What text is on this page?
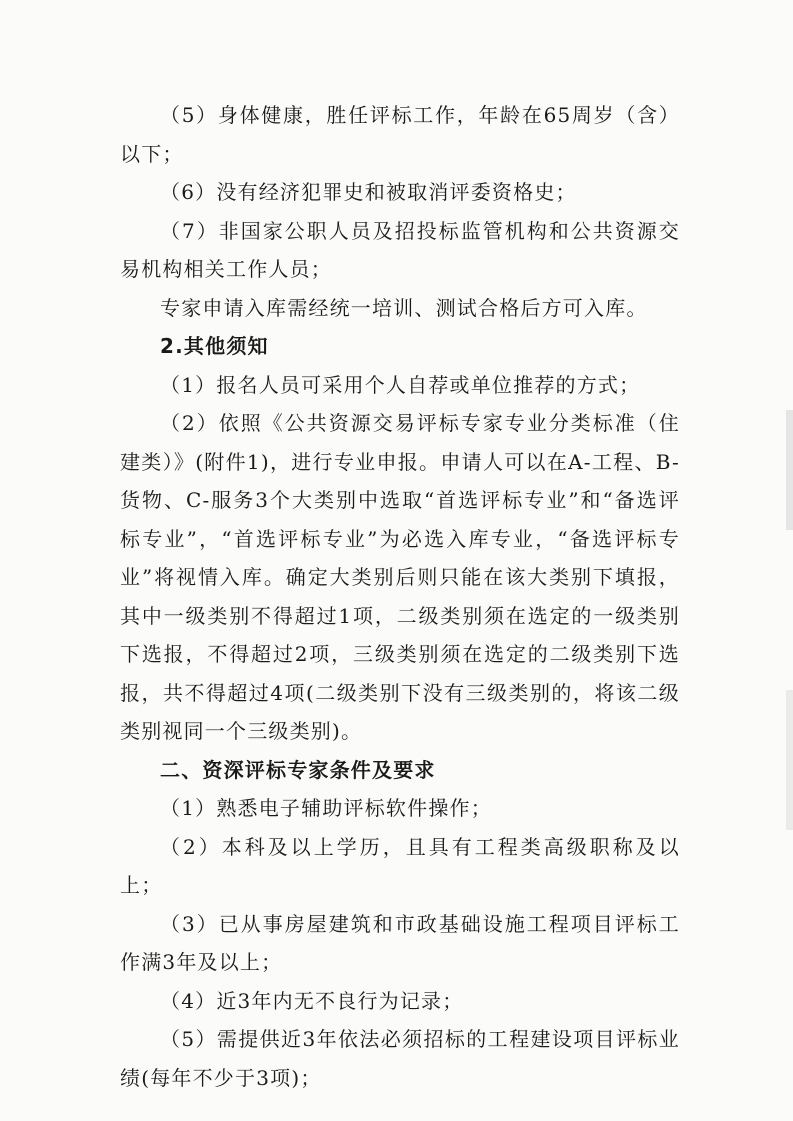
（5）身体健康，胜任评标工作，年龄在65周岁（含）以下；

（6）没有经济犯罪史和被取消评委资格史；

（7）非国家公职人员及招投标监管机构和公共资源交易机构相关工作人员；

专家申请入库需经统一培训、测试合格后方可入库。

2.其他须知

（1）报名人员可采用个人自荐或单位推荐的方式；

（2）依照《公共资源交易评标专家专业分类标准（住建类）》(附件1)，进行专业申报。申请人可以在A-工程、B-货物、C-服务3个大类别中选取“首选评标专业”和“备选评标专业”，“首选评标专业”为必选入库专业，“备选评标专业”将视情入库。确定大类别后则只能在该大类别下填报，其中一级类别不得超过1项，二级类别须在选定的一级类别下选报，不得超过2项，三级类别须在选定的二级类别下选报，共不得超过4项(二级类别下没有三级类别的，将该二级类别视同一个三级类别)。

二、资深评标专家条件及要求

（1）熟悉电子辅助评标软件操作；

（2）本科及以上学历，且具有工程类高级职称及以上；

（3）已从事房屋建筑和市政基础设施工程项目评标工作满3年及以上；

（4）近3年内无不良行为记录；

（5）需提供近3年依法必须招标的工程建设项目评标业绩(每年不少于3项)；
